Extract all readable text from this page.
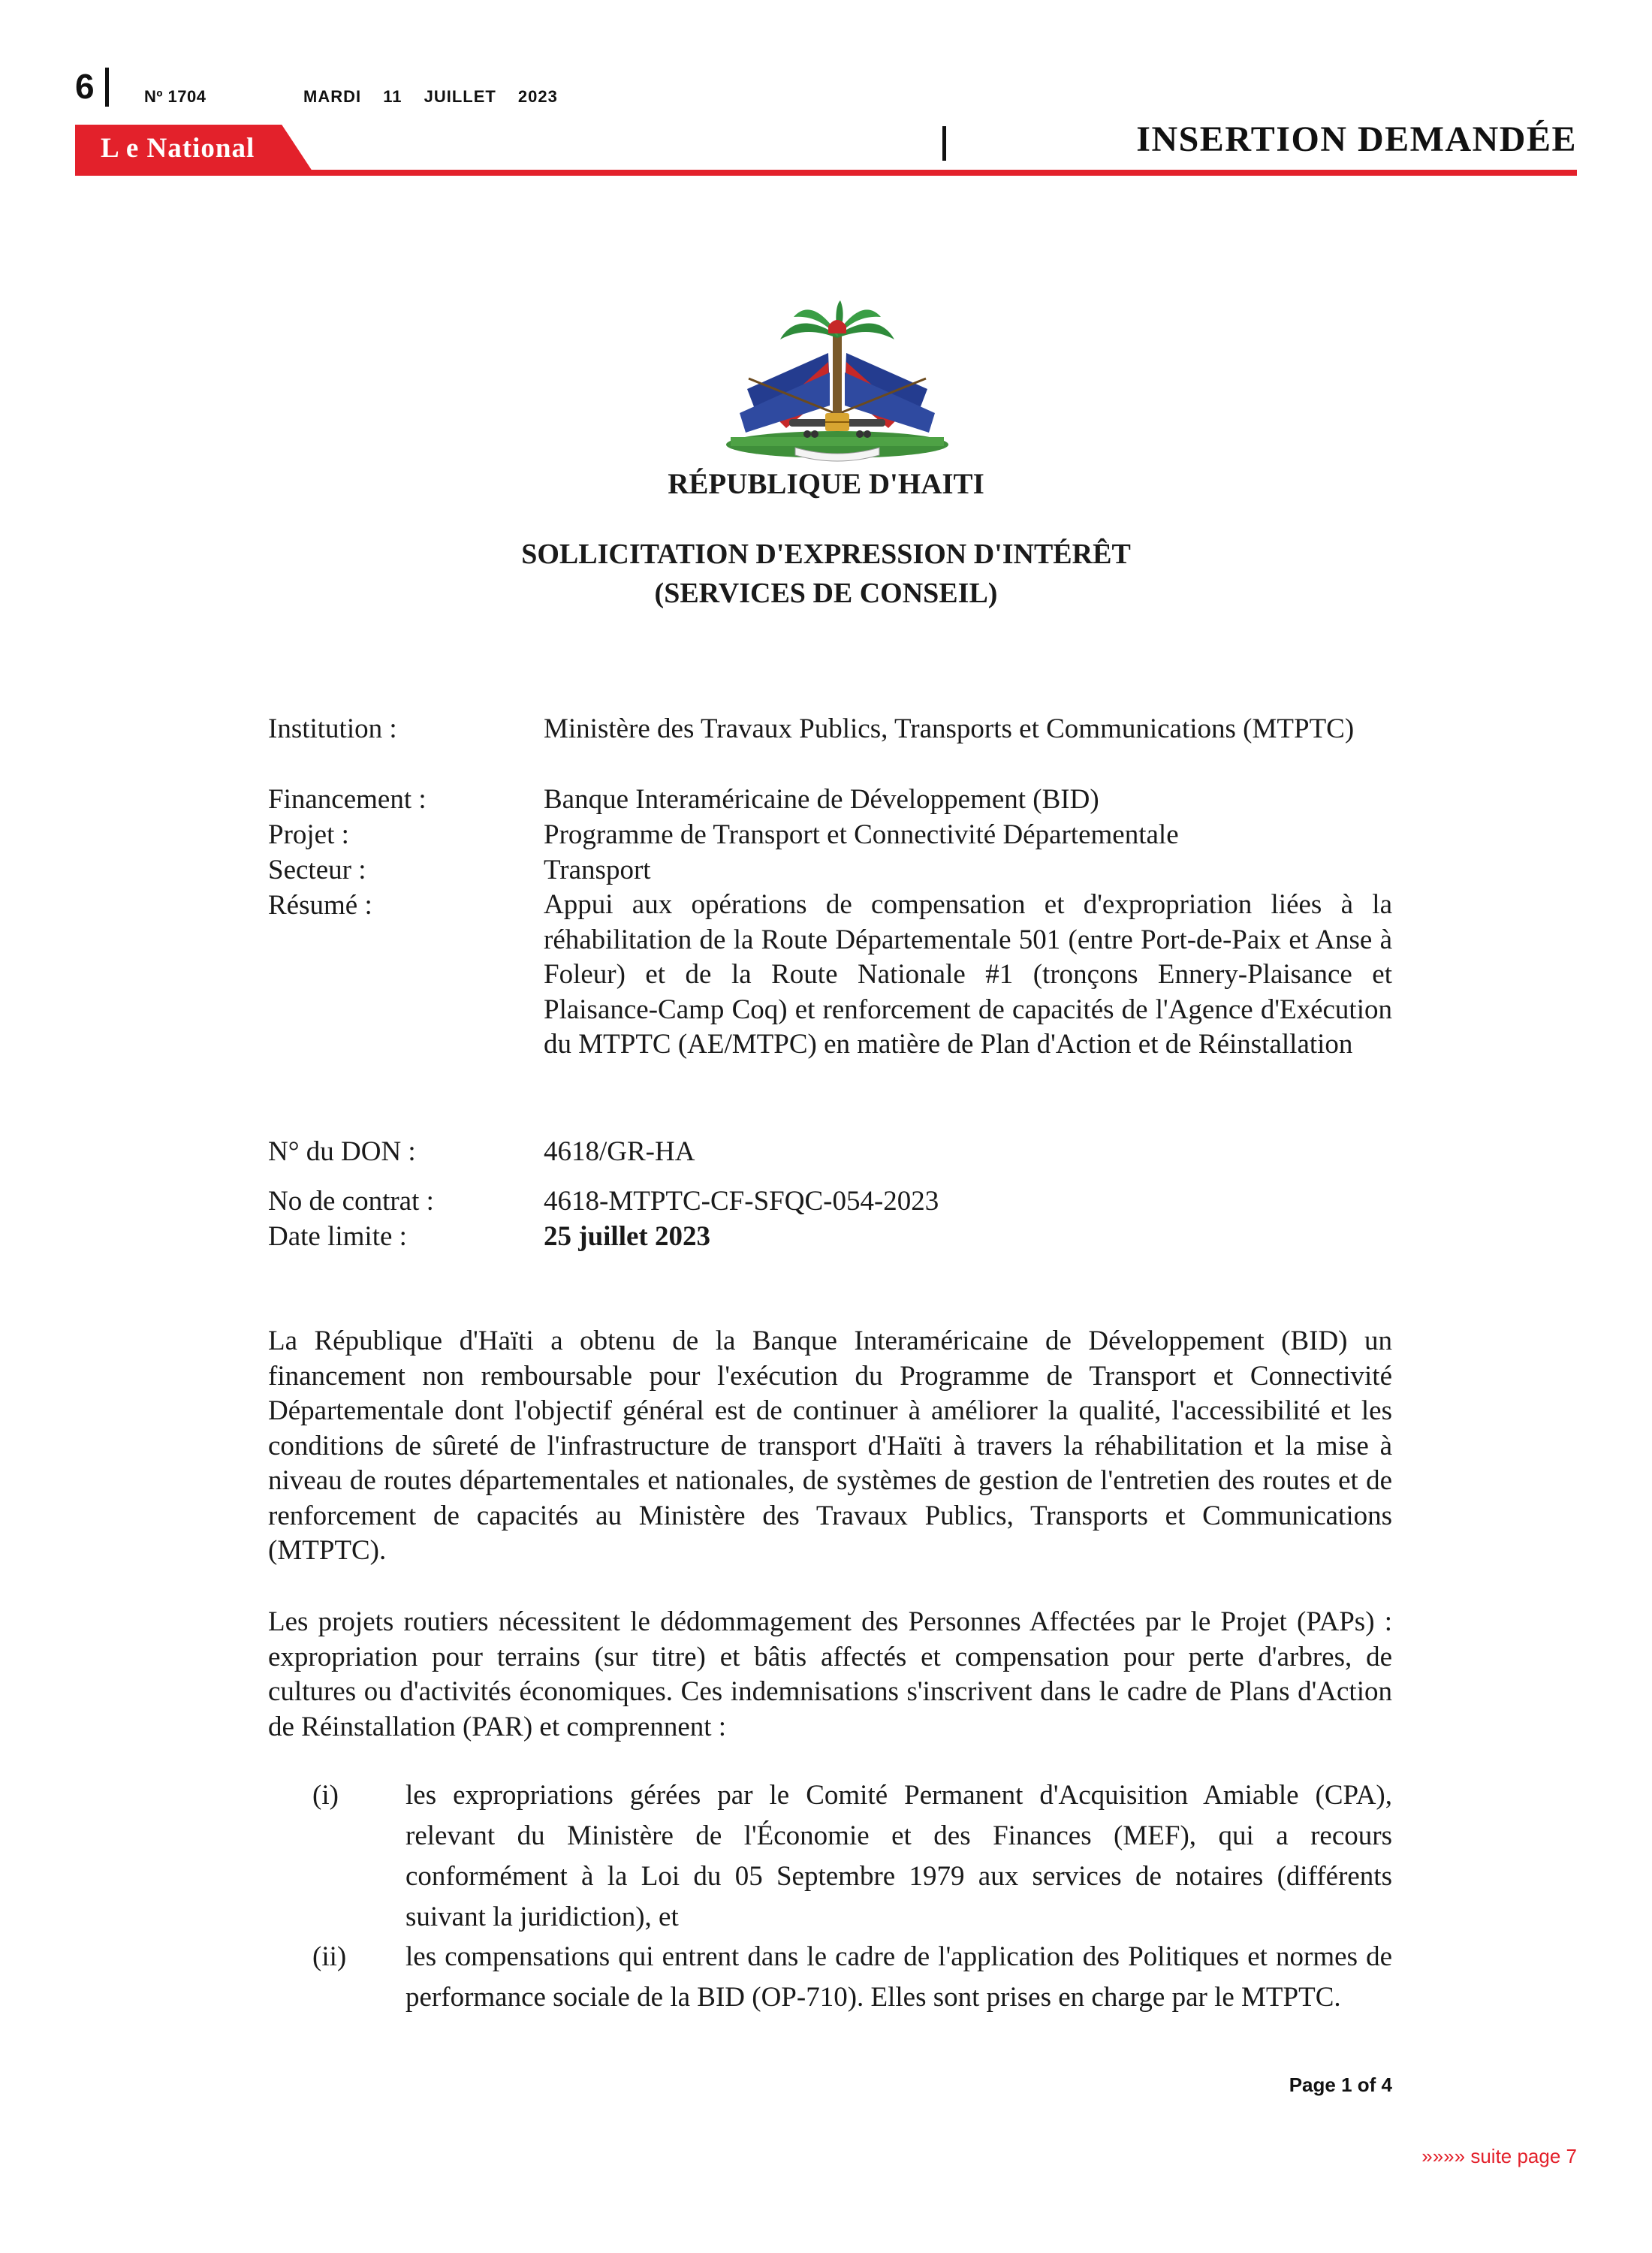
6	Nº 1704	MARDI 11 JUILLET 2023
L e National	INSERTION DEMANDÉE
RÉPUBLIQUE D'HAITI
SOLLICITATION D'EXPRESSION D'INTÉRÊT
(SERVICES DE CONSEIL)
Institution :	Ministère des Travaux Publics, Transports et Communications (MTPTC)
Financement :	Banque Interaméricaine de Développement (BID)
Projet :	Programme de Transport et Connectivité Départementale
Secteur :	Transport
Résumé :	Appui aux opérations de compensation et d'expropriation liées à la réhabilitation de la Route Départementale 501 (entre Port-de-Paix et Anse à Foleur) et de la Route Nationale #1 (tronçons Ennery-Plaisance et Plaisance-Camp Coq) et renforcement de capacités de l'Agence d'Exécution du MTPTC (AE/MTPC) en matière de Plan d'Action et de Réinstallation
N° du DON :	4618/GR-HA
No de contrat :	4618-MTPTC-CF-SFQC-054-2023
Date limite :	25 juillet 2023
La République d'Haïti a obtenu de la Banque Interaméricaine de Développement (BID) un financement non remboursable pour l'exécution du Programme de Transport et Connectivité Départementale dont l'objectif général est de continuer à améliorer la qualité, l'accessibilité et les conditions de sûreté de l'infrastructure de transport d'Haïti à travers la réhabilitation et la mise à niveau de routes départementales et nationales, de systèmes de gestion de l'entretien des routes et de renforcement de capacités au Ministère des Travaux Publics, Transports et Communications (MTPTC).
Les projets routiers nécessitent le dédommagement des Personnes Affectées par le Projet (PAPs) : expropriation pour terrains (sur titre) et bâtis affectés et compensation pour perte d'arbres, de cultures ou d'activités économiques. Ces indemnisations s'inscrivent dans le cadre de Plans d'Action de Réinstallation (PAR) et comprennent :
(i) les expropriations gérées par le Comité Permanent d'Acquisition Amiable (CPA), relevant du Ministère de l'Économie et des Finances (MEF), qui a recours conformément à la Loi du 05 Septembre 1979 aux services de notaires (différents suivant la juridiction), et
(ii) les compensations qui entrent dans le cadre de l'application des Politiques et normes de performance sociale de la BID (OP-710). Elles sont prises en charge par le MTPTC.
Page 1 of 4
»»»» suite page 7
